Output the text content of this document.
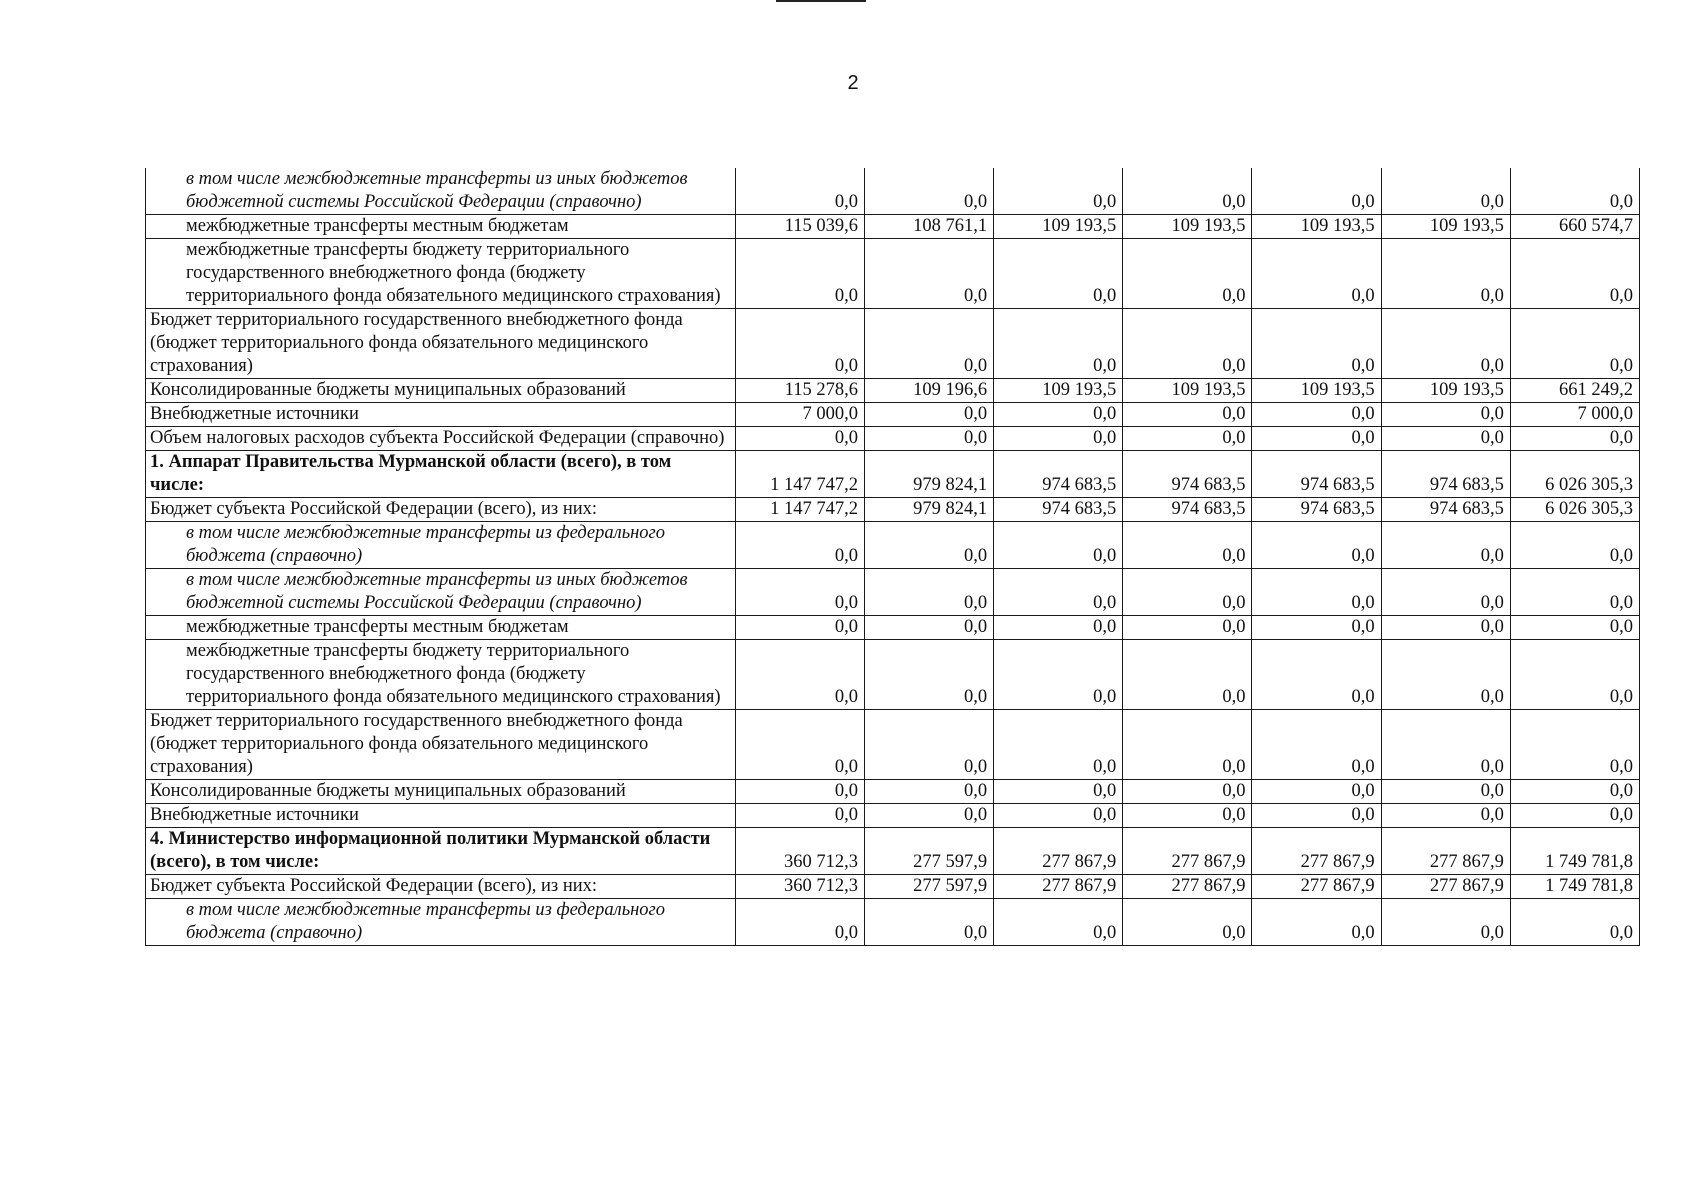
2
в том числе межбюджетные трансферты из иных бюджетов бюджетной системы Российской Федерации (справочно)	0,0	0,0	0,0	0,0	0,0	0,0	0,0
межбюджетные трансферты местным бюджетам	115 039,6	108 761,1	109 193,5	109 193,5	109 193,5	109 193,5	660 574,7
межбюджетные трансферты бюджету территориального государственного внебюджетного фонда (бюджету территориального фонда обязательного медицинского страхования)	0,0	0,0	0,0	0,0	0,0	0,0	0,0
Бюджет территориального государственного внебюджетного фонда (бюджет территориального фонда обязательного медицинского страхования)	0,0	0,0	0,0	0,0	0,0	0,0	0,0
Консолидированные бюджеты муниципальных образований	115 278,6	109 196,6	109 193,5	109 193,5	109 193,5	109 193,5	661 249,2
Внебюджетные источники	7 000,0	0,0	0,0	0,0	0,0	0,0	7 000,0
Объем налоговых расходов субъекта Российской Федерации (справочно)	0,0	0,0	0,0	0,0	0,0	0,0	0,0
1. Аппарат Правительства Мурманской области (всего), в том числе:	1 147 747,2	979 824,1	974 683,5	974 683,5	974 683,5	974 683,5	6 026 305,3
Бюджет субъекта Российской Федерации (всего), из них:	1 147 747,2	979 824,1	974 683,5	974 683,5	974 683,5	974 683,5	6 026 305,3
в том числе межбюджетные трансферты из федерального бюджета (справочно)	0,0	0,0	0,0	0,0	0,0	0,0	0,0
в том числе межбюджетные трансферты из иных бюджетов бюджетной системы Российской Федерации (справочно)	0,0	0,0	0,0	0,0	0,0	0,0	0,0
межбюджетные трансферты местным бюджетам	0,0	0,0	0,0	0,0	0,0	0,0	0,0
межбюджетные трансферты бюджету территориального государственного внебюджетного фонда (бюджету территориального фонда обязательного медицинского страхования)	0,0	0,0	0,0	0,0	0,0	0,0	0,0
Бюджет территориального государственного внебюджетного фонда (бюджет территориального фонда обязательного медицинского страхования)	0,0	0,0	0,0	0,0	0,0	0,0	0,0
Консолидированные бюджеты муниципальных образований	0,0	0,0	0,0	0,0	0,0	0,0	0,0
Внебюджетные источники	0,0	0,0	0,0	0,0	0,0	0,0	0,0
4. Министерство информационной политики Мурманской области (всего), в том числе:	360 712,3	277 597,9	277 867,9	277 867,9	277 867,9	277 867,9	1 749 781,8
Бюджет субъекта Российской Федерации (всего), из них:	360 712,3	277 597,9	277 867,9	277 867,9	277 867,9	277 867,9	1 749 781,8
в том числе межбюджетные трансферты из федерального бюджета (справочно)	0,0	0,0	0,0	0,0	0,0	0,0	0,0
